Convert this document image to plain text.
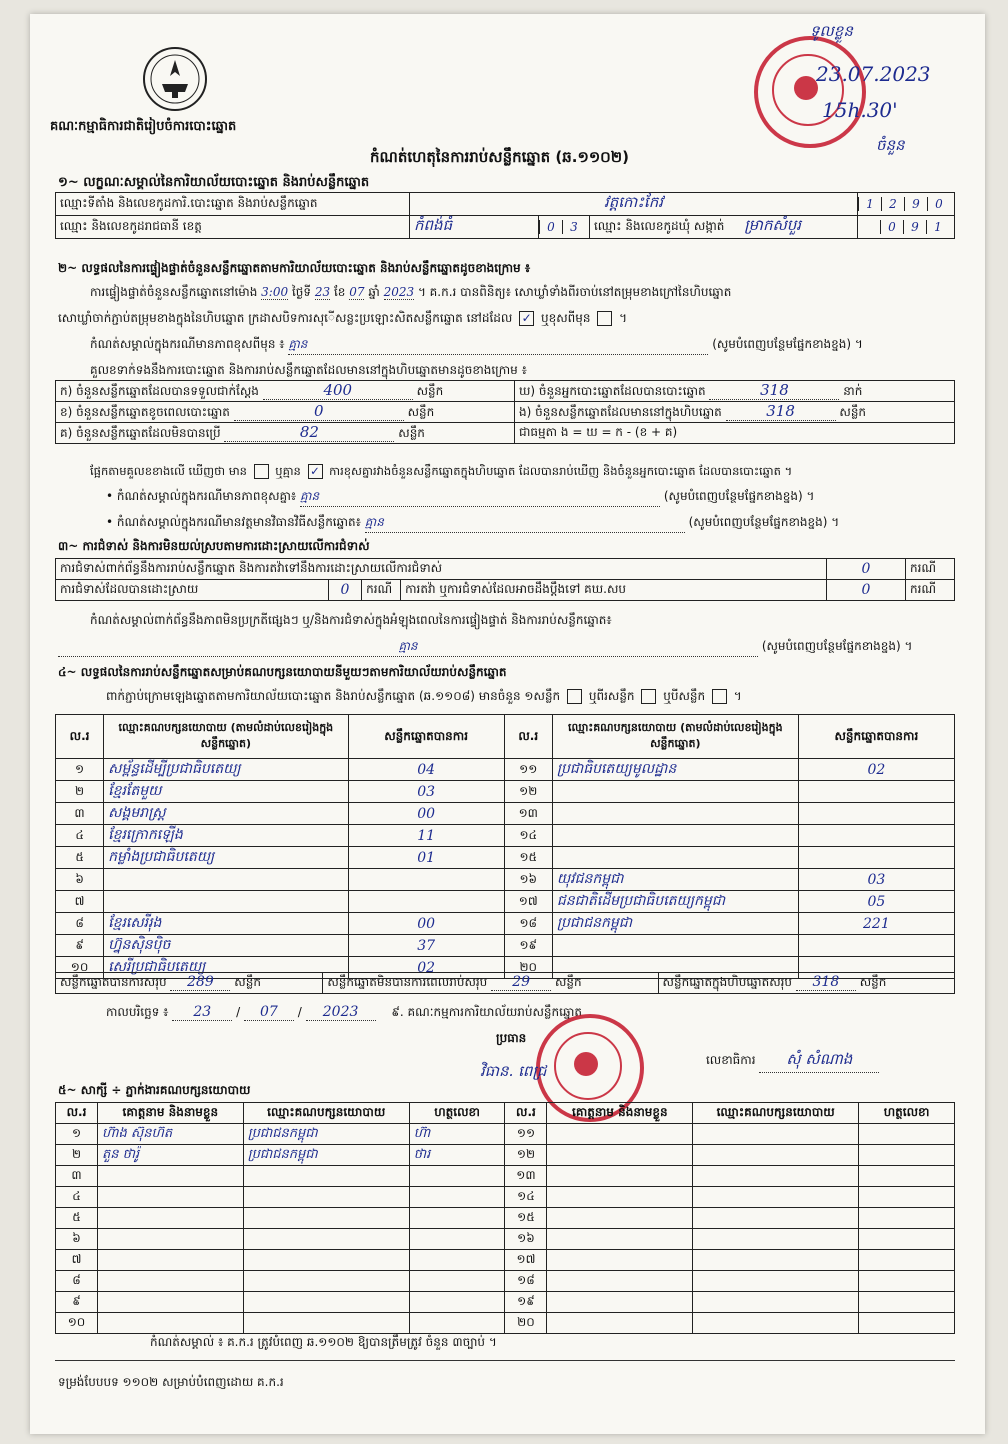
គណៈកម្មាធិការជាតិរៀបចំការបោះឆ្នោត
កំណត់ហេតុនៃការរាប់សន្លឹកឆ្នោត (ឆ.១១០២)
ទូលខ្លួន
23.07.2023
15h.30'
ចំនួន
១~ លក្ខណៈសម្គាល់នៃការិយាល័យបោះឆ្នោត និងរាប់សន្លឹកឆ្នោត
ឈ្មោះទីតាំង និងលេខកូដការិ.បោះឆ្នោត និងរាប់សន្លឹកឆ្នោត	វត្តកោះកែវ			1 2 9 0
ឈ្មោះ និងលេខកូដរាជធានី ខេត្ត	កំពង់ធំ	0 3	ឈ្មោះ និងលេខកូដឃុំ សង្កាត់ ម្រាកសំបួរ	0 9 1
២~ លទ្ធផលនៃការផ្ទៀងផ្ទាត់ចំនួនសន្លឹកឆ្នោតតាមការិយាល័យបោះឆ្នោត និងរាប់សន្លឹកឆ្នោតដូចខាងក្រោម ៖
ការផ្ទៀងផ្ទាត់ចំនួនសន្លឹកឆ្នោតនៅម៉ោង 3:00 ថ្ងៃទី 23 ខែ 07 ឆ្នាំ 2023 ។ គ.ក.រ បានពិនិត្យ៖ សោឃ្លាំទាំងពីរចាប់នៅតម្រុមខាងក្រៅនៃហិបឆ្នោត
សោឃ្លាំចាក់ភ្ជាប់តម្រុមខាងក្នុងនៃហិបឆ្នោត ក្រដាសបិទការសុើសន្លះប្រឡោះសិតសន្លឹកឆ្នោត នៅដដែល ✓ ឬខុសពីមុន  ។
កំណត់សម្គាល់ក្នុងករណីមានភាពខុសពីមុន ៖ គ្មាន	(សូមបំពេញបន្ថែមផ្នែកខាងខ្នង) ។
គួលខទាក់ទងនឹងការបោះឆ្នោត និងការរាប់សន្លឹកឆ្នោតដែលមាននៅក្នុងហិបឆ្នោតមានដូចខាងក្រោម ៖
ក) ចំនួនសន្លឹកឆ្នោតដែលបានទទួលជាក់ស្តែង 400 សន្លឹក	ឃ) ចំនួនអ្នកបោះឆ្នោតដែលបានបោះឆ្នោត 318 នាក់
ខ) ចំនួនសន្លឹកឆ្នោតខូចពេលបោះឆ្នោត 0 សន្លឹក	ង) ចំនួនសន្លឹកឆ្នោតដែលមាននៅក្នុងហិបឆ្នោត 318 សន្លឹក
គ) ចំនួនសន្លឹកឆ្នោតដែលមិនបានប្រើ 82 សន្លឹក	ជាធម្មតា ង = ឃ = ក - (ខ + គ)
ផ្អែកតាមគួលខខាងលើ ឃើញថា មាន ឬគ្មាន ✓ ការខុសគ្នារវាងចំនួនសន្លឹកឆ្នោតក្នុងហិបឆ្នោត ដែលបានរាប់ឃើញ និងចំនួនអ្នកបោះឆ្នោត ដែលបានបោះឆ្នោត ។
• កំណត់សម្គាល់ក្នុងករណីមានភាពខុសគ្នា៖ គ្មាន	(សូមបំពេញបន្ថែមផ្នែកខាងខ្នង) ។
• កំណត់សម្គាល់ក្នុងករណីមានវត្តមានវិធានវិធីសន្លឹកឆ្នោត៖ គ្មាន	(សូមបំពេញបន្ថែមផ្នែកខាងខ្នង) ។
៣~ ការជំទាស់ និងការមិនយល់ស្របតាមការដោះស្រាយលើការជំទាស់
ការជំទាស់ពាក់ព័ន្ធនឹងការរាប់សន្លឹកឆ្នោត និងការតវ៉ាទៅនឹងការដោះស្រាយលើការជំទាស់				0	ករណី
ការជំទាស់ដែលបានដោះស្រាយ	0	ករណី	ការតវ៉ា ឬការជំទាស់ដែលអាចដឹងប្តឹងទៅ គឃ.សប	0	ករណី
កំណត់សម្គាល់ពាក់ព័ន្ធនឹងភាពមិនប្រក្រតីផ្សេងៗ ឬ/និងការជំទាស់ក្នុងអំឡុងពេលនៃការផ្ទៀងផ្ទាត់ និងការរាប់សន្លឹកឆ្នោត៖
គ្មាន	(សូមបំពេញបន្ថែមផ្នែកខាងខ្នង) ។
៤~ លទ្ធផលនៃការរាប់សន្លឹកឆ្នោតសម្រាប់គណបក្សនយោបាយនីមួយៗតាមការិយាល័យរាប់សន្លឹកឆ្នោត
ពាក់ភ្ជាប់ក្រោមឡេងឆ្នោតតាមការិយាល័យបោះឆ្នោត និងរាប់សន្លឹកឆ្នោត (ឆ.១១០៨) មានចំនួន ១សន្លឹក ឬពីរសន្លឹក ឬបីសន្លឹក  ។
ល.រ	ឈ្មោះគណបក្សនយោបាយ (តាមលំដាប់លេខរៀងក្នុងសន្លឹកឆ្នោត)	សន្លឹកឆ្នោតបានការ	ល.រ	ឈ្មោះគណបក្សនយោបាយ (តាមលំដាប់លេខរៀងក្នុងសន្លឹកឆ្នោត)	សន្លឹកឆ្នោតបានការ
១	សម្ព័ន្ធដើម្បីប្រជាធិបតេយ្យ	04	១១	ប្រជាធិបតេយ្យមូលដ្ឋាន	02
២	ខ្មែរតែមួយ	03	១២		
៣	សង្គមរាស្ត្រ	00	១៣		
៤	ខ្មែរក្រោកឡើង	11	១៤		
៥	កម្លាំងប្រជាធិបតេយ្យ	01	១៥		
៦			១៦	យុវជនកម្ពុជា	03
៧			១៧	ជនជាតិដើមប្រជាធិបតេយ្យកម្ពុជា	05
៨	ខ្មែរសេរីរុង	00	១៨	ប្រជាជនកម្ពុជា	221
៩	ហ្វ៊ុនស៊ិនប៉ិច	37	១៩		
១០	សេរីប្រជាធិបតេយ្យ	02	២០		
សន្លឹកឆ្នោតបានការសរុប 289 សន្លឹក	សន្លឹកឆ្នោតមិនបានការពេលរាប់សរុប 29 សន្លឹក	សន្លឹកឆ្នោតក្នុងហិបឆ្នោតសរុប 318 សន្លឹក
កាលបរិច្ឆេទ ៖ 23 / 07 / 2023	៩. គណៈកម្មការការិយាល័យរាប់សន្លឹកឆ្នោត
ប្រធាន
វិធាន. ពេជ្រ
លេខាធិការ សុំ សំណាង
៥~ សាក្សី ÷ ភ្នាក់ងារគណបក្សនយោបាយ
ល.រ	គោត្តនាម និងនាមខ្លួន	ឈ្មោះគណបក្សនយោបាយ	ហត្ថលេខា	ល.រ	គោត្តនាម និងនាមខ្លួន	ឈ្មោះគណបក្សនយោបាយ	ហត្ថលេខា
១	ហ៊ាង ស៊ុនហ៊ត	ប្រជាជនកម្ពុជា	ហ៊ា	១១			
២	តួន ថារ៉ូ	ប្រជាជនកម្ពុជា	ថារ	១២			
៣				១៣			
៤				១៤			
៥				១៥			
៦				១៦			
៧				១៧			
៨				១៨			
៩				១៩			
១០				២០			
កំណត់សម្គាល់ ៖ គ.ក.រ ត្រូវបំពេញ ឆ.១១០២ ឱ្យបានត្រឹមត្រូវ ចំនួន ៣ច្បាប់ ។
ទម្រង់បែបបទ ១១០២ សម្រាប់បំពេញដោយ គ.ក.រ
